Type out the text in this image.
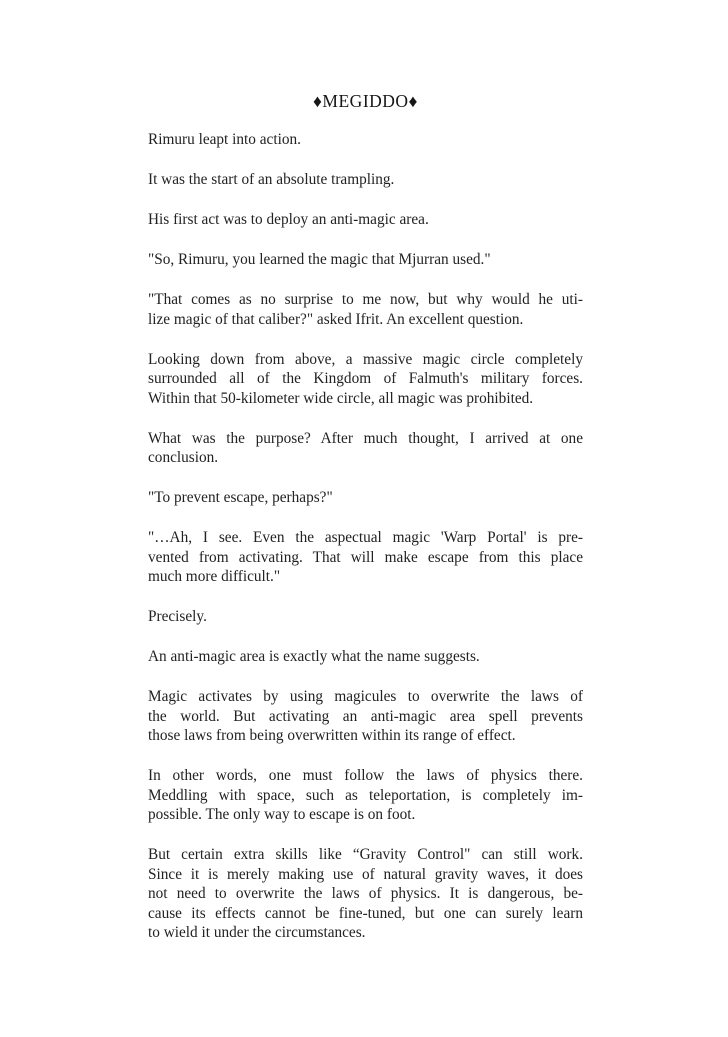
♦MEGIDDO♦
Rimuru leapt into action.
It was the start of an absolute trampling.
His first act was to deploy an anti-magic area.
"So, Rimuru, you learned the magic that Mjurran used."
"That comes as no surprise to me now, but why would he uti-
lize magic of that caliber?" asked Ifrit. An excellent question.
Looking down from above, a massive magic circle completely
surrounded all of the Kingdom of Falmuth's military forces.
Within that 50-kilometer wide circle, all magic was prohibited.
What was the purpose? After much thought, I arrived at one
conclusion.
"To prevent escape, perhaps?"
"…Ah, I see. Even the aspectual magic 'Warp Portal' is pre-
vented from activating. That will make escape from this place
much more difficult."
Precisely.
An anti-magic area is exactly what the name suggests.
Magic activates by using magicules to overwrite the laws of
the world. But activating an anti-magic area spell prevents
those laws from being overwritten within its range of effect.
In other words, one must follow the laws of physics there.
Meddling with space, such as teleportation, is completely im-
possible. The only way to escape is on foot.
But certain extra skills like “Gravity Control" can still work.
Since it is merely making use of natural gravity waves, it does
not need to overwrite the laws of physics. It is dangerous, be-
cause its effects cannot be fine-tuned, but one can surely learn
to wield it under the circumstances.
